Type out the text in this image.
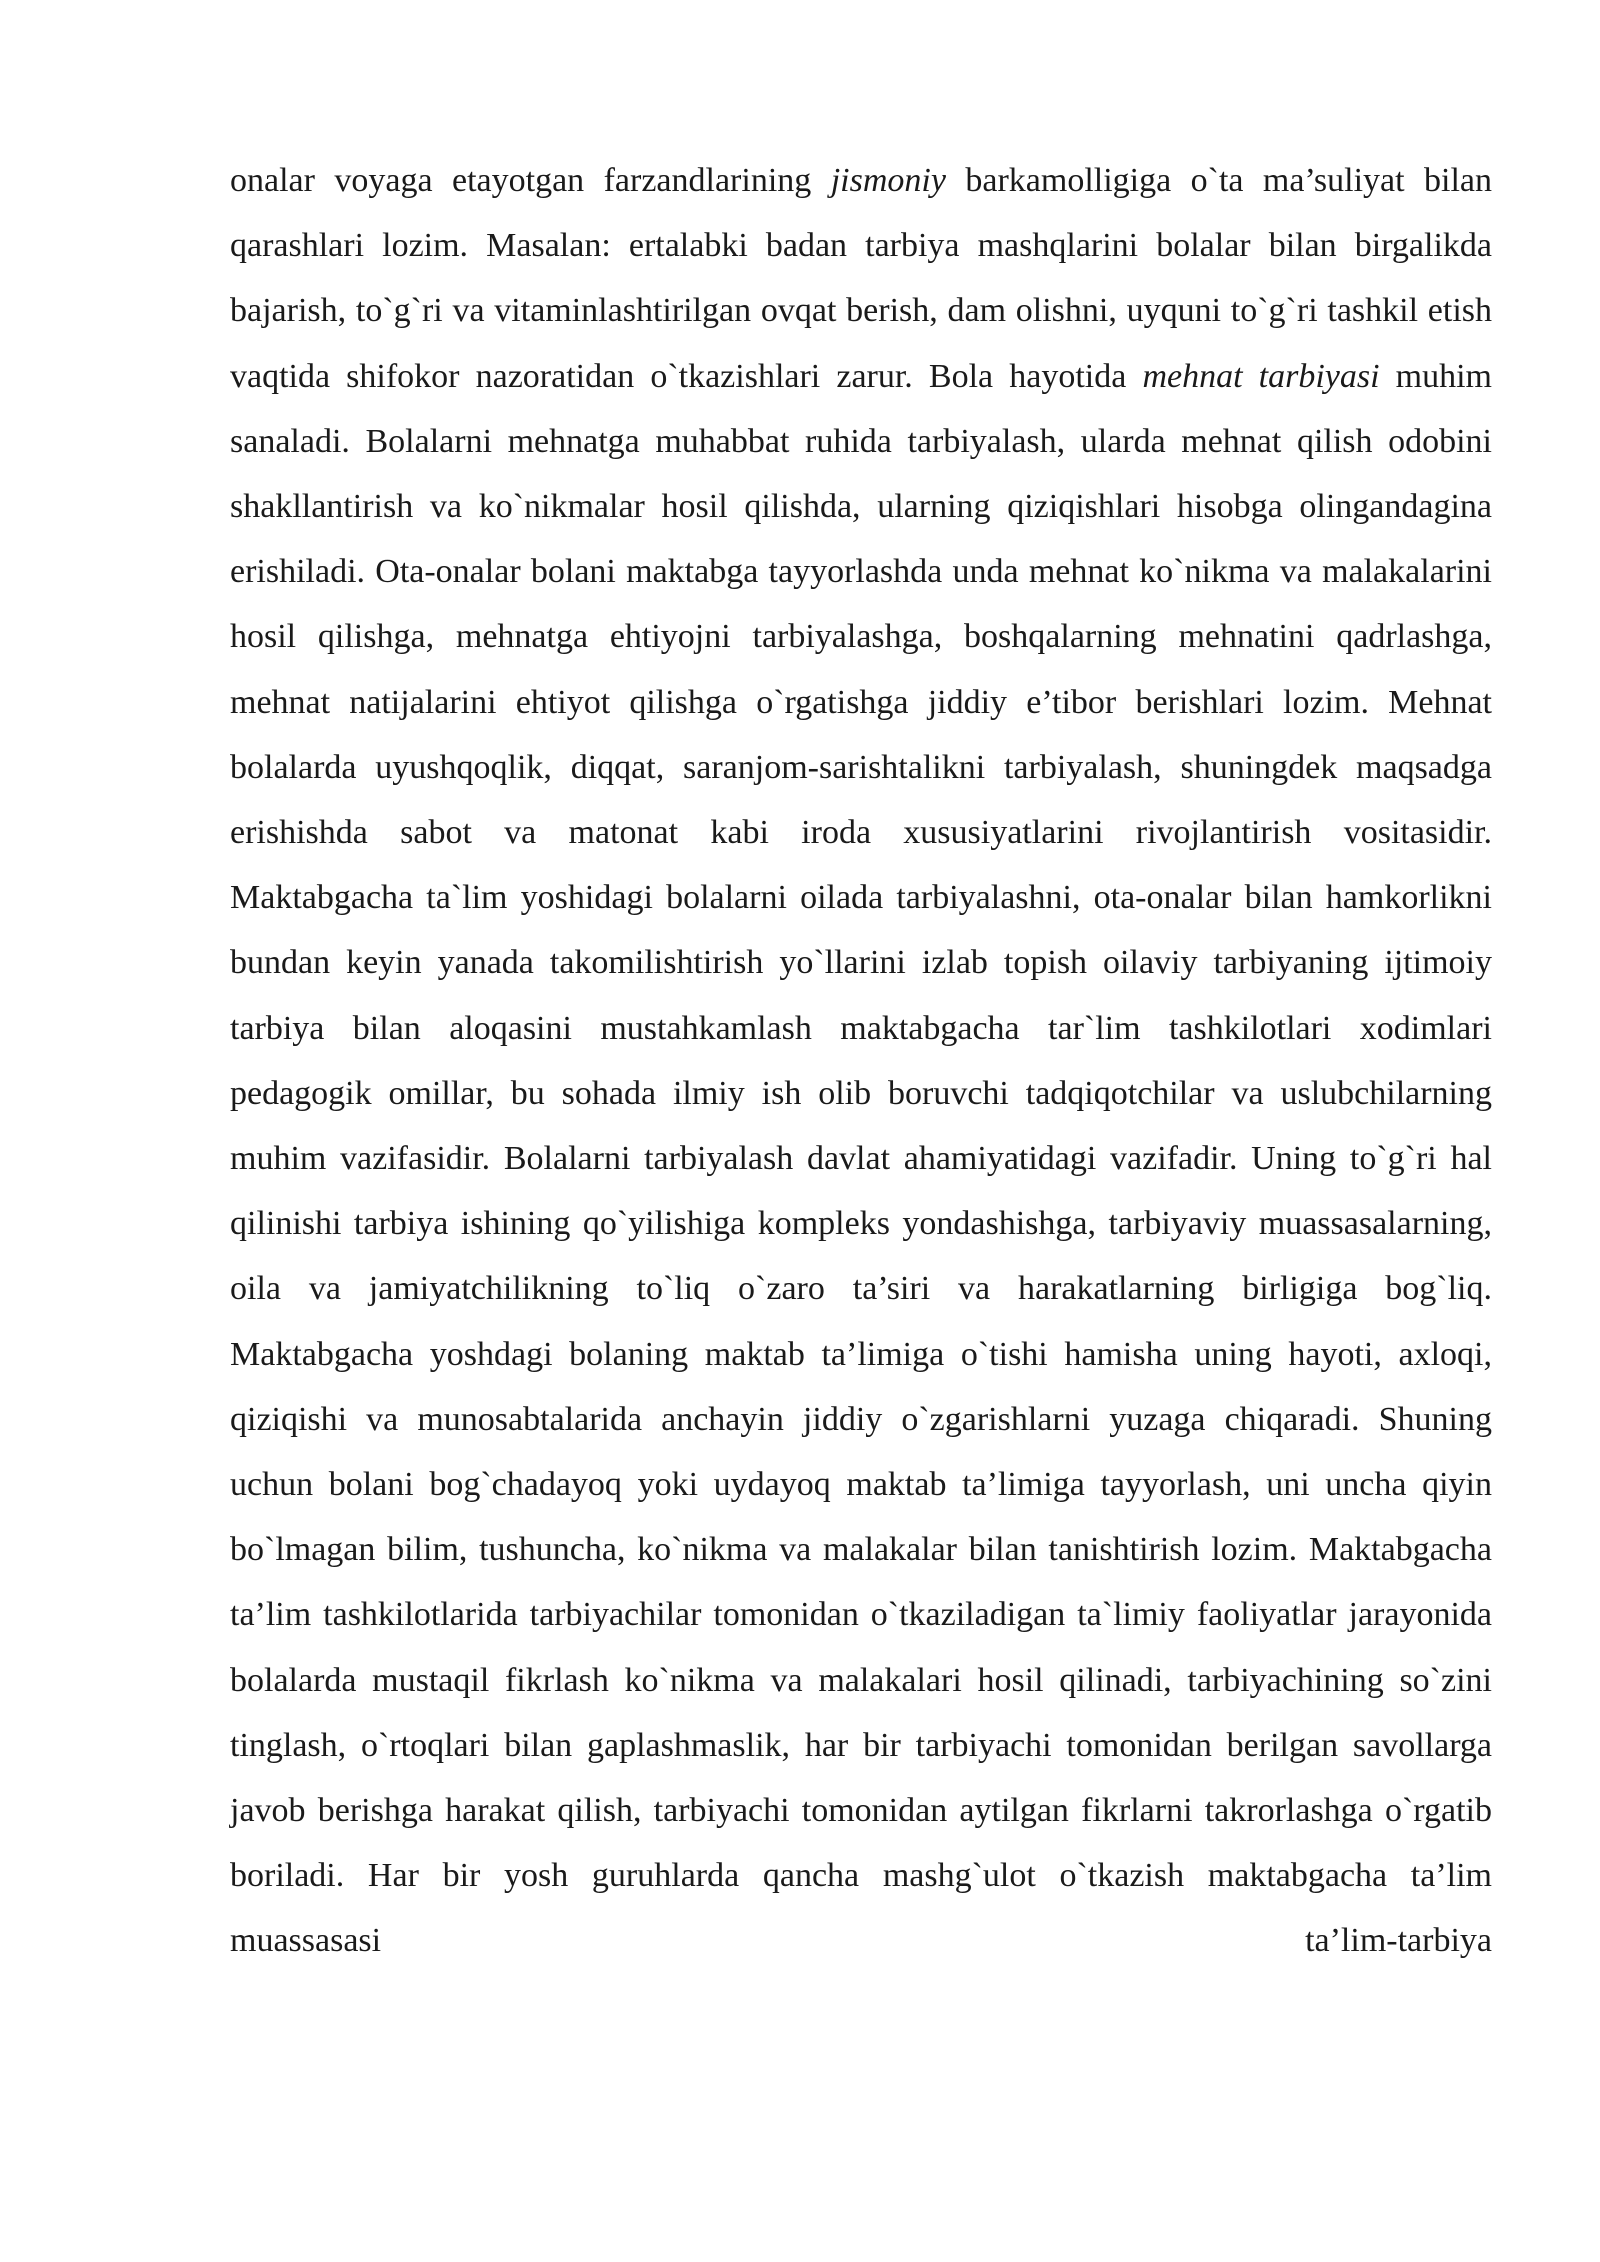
onalar voyaga etayotgan farzandlarining jismoniy barkamolligiga o`ta ma’suliyat bilan qarashlari lozim. Masalan: ertalabki badan tarbiya mashqlarini bolalar bilan birgalikda bajarish, to`g`ri va vitaminlashtirilgan ovqat berish, dam olishni, uyquni to`g`ri tashkil etish vaqtida shifokor nazoratidan o`tkazishlari zarur. Bola hayotida mehnat tarbiyasi muhim sanaladi. Bolalarni mehnatga muhabbat ruhida tarbiyalash, ularda mehnat qilish odobini shakllantirish va ko`nikmalar hosil qilishda, ularning qiziqishlari hisobga olingandagina erishiladi. Ota-onalar bolani maktabga tayyorlashda unda mehnat ko`nikma va malakalarini hosil qilishga, mehnatga ehtiyojni tarbiyalashga, boshqalarning mehnatini qadrlashga, mehnat natijalarini ehtiyot qilishga o`rgatishga jiddiy e’tibor berishlari lozim. Mehnat bolalarda uyushqoqlik, diqqat, saranjom-sarishtalikni tarbiyalash, shuningdek maqsadga erishishda sabot va matonat kabi iroda xususiyatlarini rivojlantirish vositasidir. Maktabgacha ta`lim yoshidagi bolalarni oilada tarbiyalashni, ota-onalar bilan hamkorlikni bundan keyin yanada takomilishtirish yo`llarini izlab topish oilaviy tarbiyaning ijtimoiy tarbiya bilan aloqasini mustahkamlash maktabgacha tar`lim tashkilotlari xodimlari pedagogik omillar, bu sohada ilmiy ish olib boruvchi tadqiqotchilar va uslubchilarning muhim vazifasidir. Bolalarni tarbiyalash davlat ahamiyatidagi vazifadir. Uning to`g`ri hal qilinishi tarbiya ishining qo`yilishiga kompleks yondashishga, tarbiyaviy muassasalarning, oila va jamiyatchilikning to`liq o`zaro ta’siri va harakatlarning birligiga bog`liq. Maktabgacha yoshdagi bolaning maktab ta’limiga o`tishi hamisha uning hayoti, axloqi, qiziqishi va munosabtalarida anchayin jiddiy o`zgarishlarni yuzaga chiqaradi. Shuning uchun bolani bog`chadayoq yoki uydayoq maktab ta’limiga tayyorlash, uni uncha qiyin bo`lmagan bilim, tushuncha, ko`nikma va malakalar bilan tanishtirish lozim. Maktabgacha ta’lim tashkilotlarida tarbiyachilar tomonidan o`tkaziladigan ta`limiy faoliyatlar jarayonida bolalarda mustaqil fikrlash ko`nikma va malakalari hosil qilinadi, tarbiyachining so`zini tinglash, o`rtoqlari bilan gaplashmaslik, har bir tarbiyachi tomonidan berilgan savollarga javob berishga harakat qilish, tarbiyachi tomonidan aytilgan fikrlarni takrorlashga o`rgatib boriladi. Har bir yosh guruhlarda qancha mashg`ulot o`tkazish maktabgacha ta’lim muassasasi ta’lim-tarbiya
